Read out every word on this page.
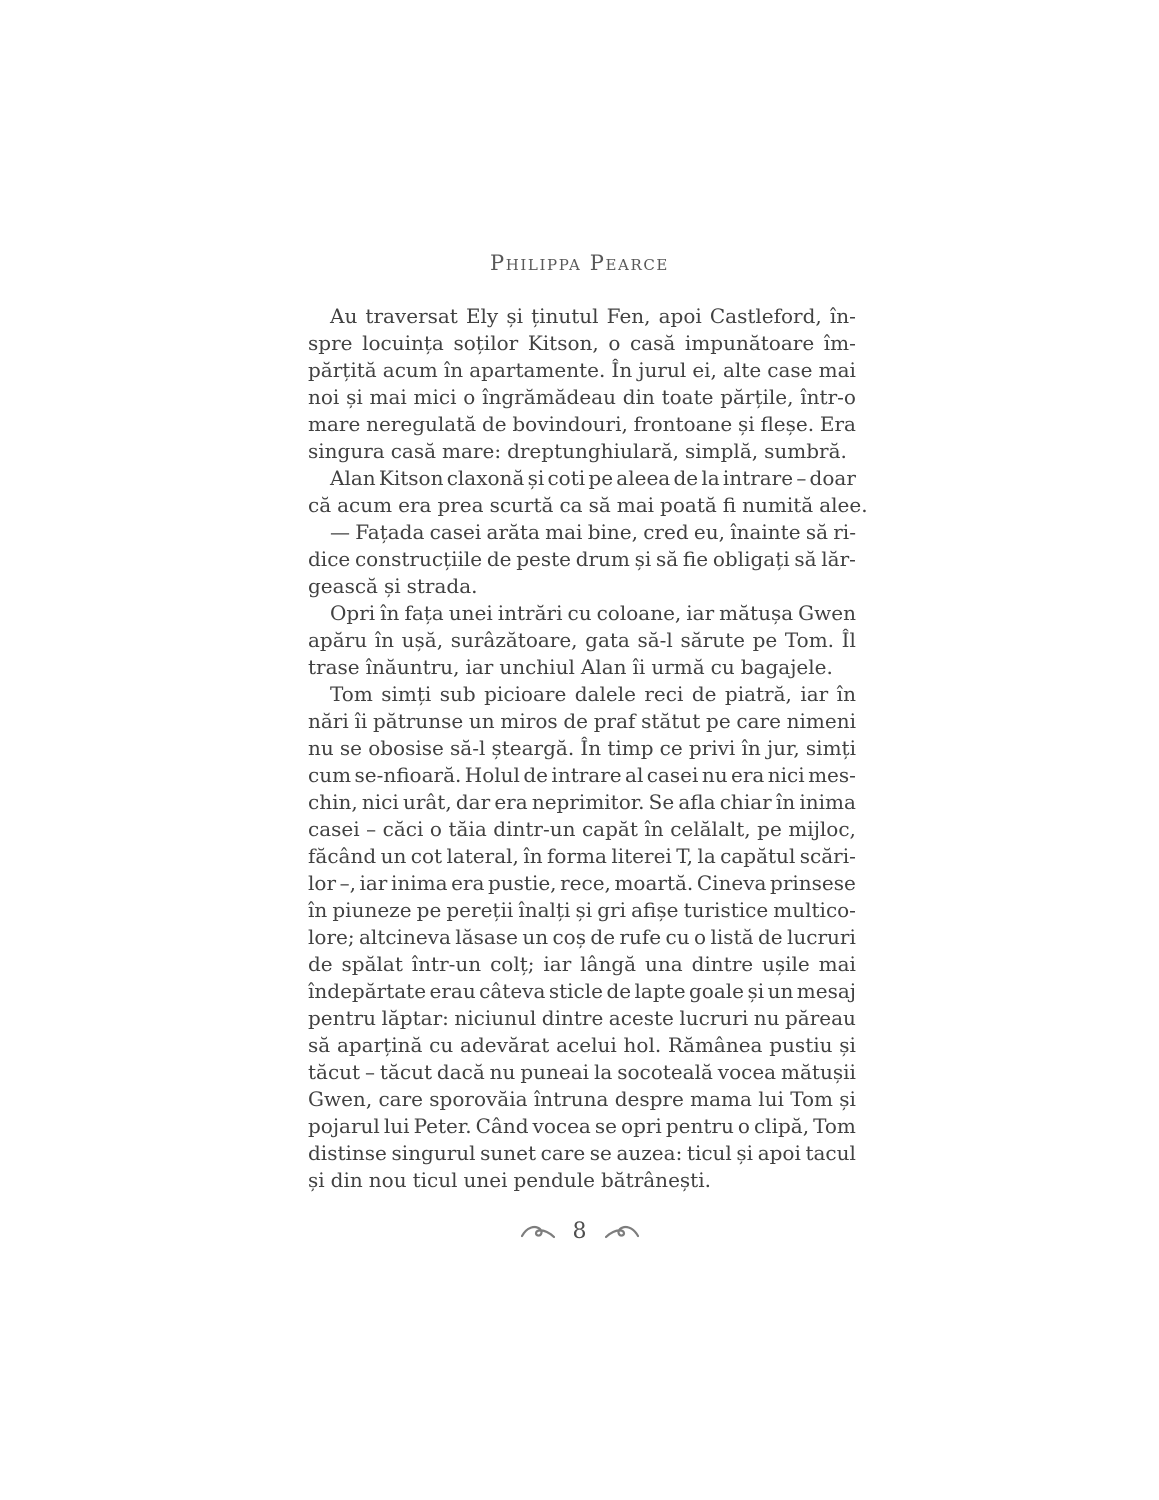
Philippa Pearce
Au traversat Ely și ținutul Fen, apoi Castleford, în-
spre locuința soților Kitson, o casă impunătoare îm-
părțită acum în apartamente. În jurul ei, alte case mai
noi și mai mici o îngrămădeau din toate părțile, într-o
mare neregulată de bovindouri, frontoane și fleșe. Era
singura casă mare: dreptunghiulară, simplă, sumbră.
Alan Kitson claxonă și coti pe aleea de la intrare – doar
că acum era prea scurtă ca să mai poată fi numită alee.
— Fațada casei arăta mai bine, cred eu, înainte să ri-
dice construcțiile de peste drum și să fie obligați să lăr-
gească și strada.
Opri în fața unei intrări cu coloane, iar mătușa Gwen
apăru în ușă, surâzătoare, gata să-l sărute pe Tom. Îl
trase înăuntru, iar unchiul Alan îi urmă cu bagajele.
Tom simți sub picioare dalele reci de piatră, iar în
nări îi pătrunse un miros de praf stătut pe care nimeni
nu se obosise să-l șteargă. În timp ce privi în jur, simți
cum se-nfioară. Holul de intrare al casei nu era nici mes-
chin, nici urât, dar era neprimitor. Se afla chiar în inima
casei – căci o tăia dintr-un capăt în celălalt, pe mijloc,
făcând un cot lateral, în forma literei T, la capătul scări-
lor –, iar inima era pustie, rece, moartă. Cineva prinsese
în piuneze pe pereții înalți și gri afișe turistice multico-
lore; altcineva lăsase un coș de rufe cu o listă de lucruri
de spălat într-un colț; iar lângă una dintre ușile mai
îndepărtate erau câteva sticle de lapte goale și un mesaj
pentru lăptar: niciunul dintre aceste lucruri nu păreau
să aparțină cu adevărat acelui hol. Rămânea pustiu și
tăcut – tăcut dacă nu puneai la socoteală vocea mătușii
Gwen, care sporovăia întruna despre mama lui Tom și
pojarul lui Peter. Când vocea se opri pentru o clipă, Tom
distinse singurul sunet care se auzea: ticul și apoi tacul
și din nou ticul unei pendule bătrânești.
8
